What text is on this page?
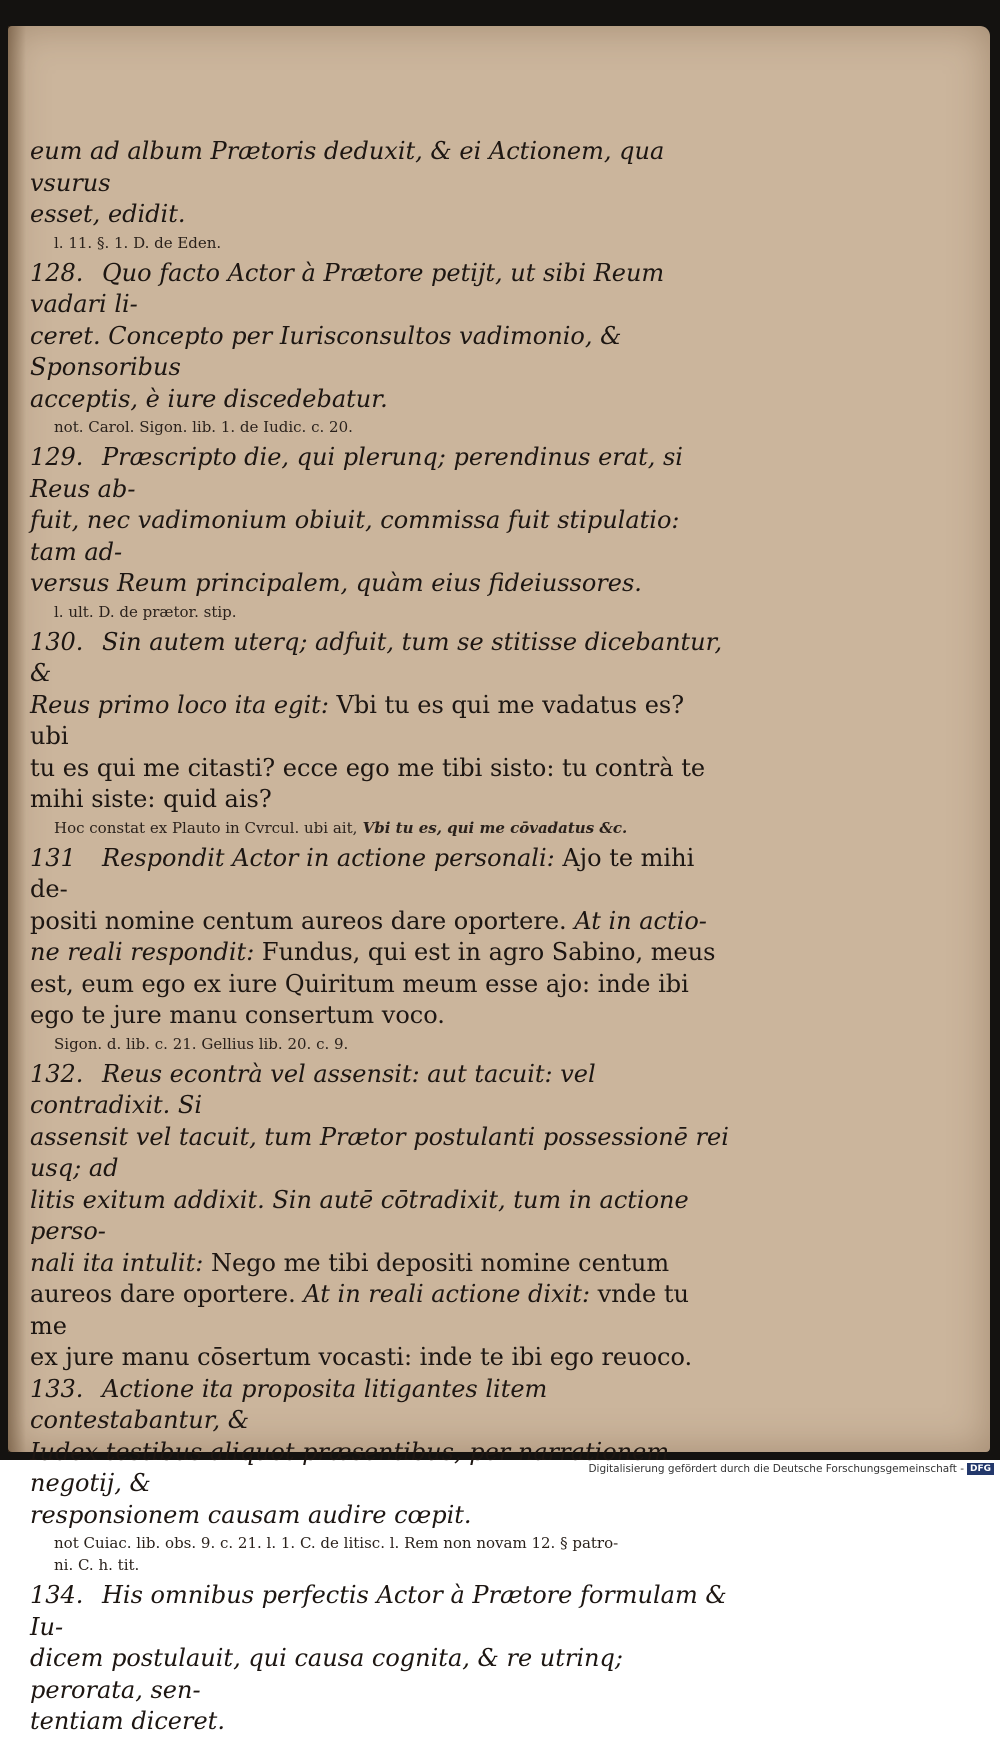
eum ad album Prætoris deduxit, & ei Actionem, qua vsurus
esset, edidit.

l. 11. §. 1. D. de Eden.

128. Quo facto Actor à Prætore petijt, ut sibi Reum vadari li-
ceret. Concepto per Iurisconsultos vadimonio, & Sponsoribus
acceptis, è iure discedebatur.

not. Carol. Sigon. lib. 1. de Iudic. c. 20.

129. Præscripto die, qui plerunq; perendinus erat, si Reus ab-
fuit, nec vadimonium obiuit, commissa fuit stipulatio: tam ad-
versus Reum principalem, quàm eius fideiussores.

l. ult. D. de prætor. stip.

130. Sin autem uterq; adfuit, tum se stitisse dicebantur, &
Reus primo loco ita egit: Vbi tu es qui me vadatus es? ubi
tu es qui me citasti? ecce ego me tibi sisto: tu contrà te
mihi siste: quid ais?

Hoc constat ex Plauto in Cvrcul. ubi ait, Vbi tu es, qui me cōvadatus &c.

131 Respondit Actor in actione personali: Ajo te mihi de-
positi nomine centum aureos dare oportere. At in actio-
ne reali respondit: Fundus, qui est in agro Sabino, meus
est, eum ego ex iure Quiritum meum esse ajo: inde ibi
ego te jure manu consertum voco.

Sigon. d. lib. c. 21. Gellius lib. 20. c. 9.

132. Reus econtrà vel assensit: aut tacuit: vel contradixit. Si
assensit vel tacuit, tum Prætor postulanti possessionē rei usq; ad
litis exitum addixit. Sin autē cōtradixit, tum in actione perso-
nali ita intulit: Nego me tibi depositi nomine centum
aureos dare oportere. At in reali actione dixit: vnde tu me
ex jure manu cōsertum vocasti: inde te ibi ego reuoco.

133. Actione ita proposita litigantes litem contestabantur, &
Iudex testibus aliquot præsentibus, per narrationem negotij, &
responsionem causam audire cœpit.

not Cuiac. lib. obs. 9. c. 21. l. 1. C. de litisc. l. Rem non novam 12. § patro-
ni. C. h. tit.

134. His omnibus perfectis Actor à Prætore formulam & Iu-
dicem postulauit, qui causa cognita, & re utrinq; perorata, sen-
tentiam diceret.

Digitalisierung gefördert durch die Deutsche Forschungsgemeinschaft - DFG
